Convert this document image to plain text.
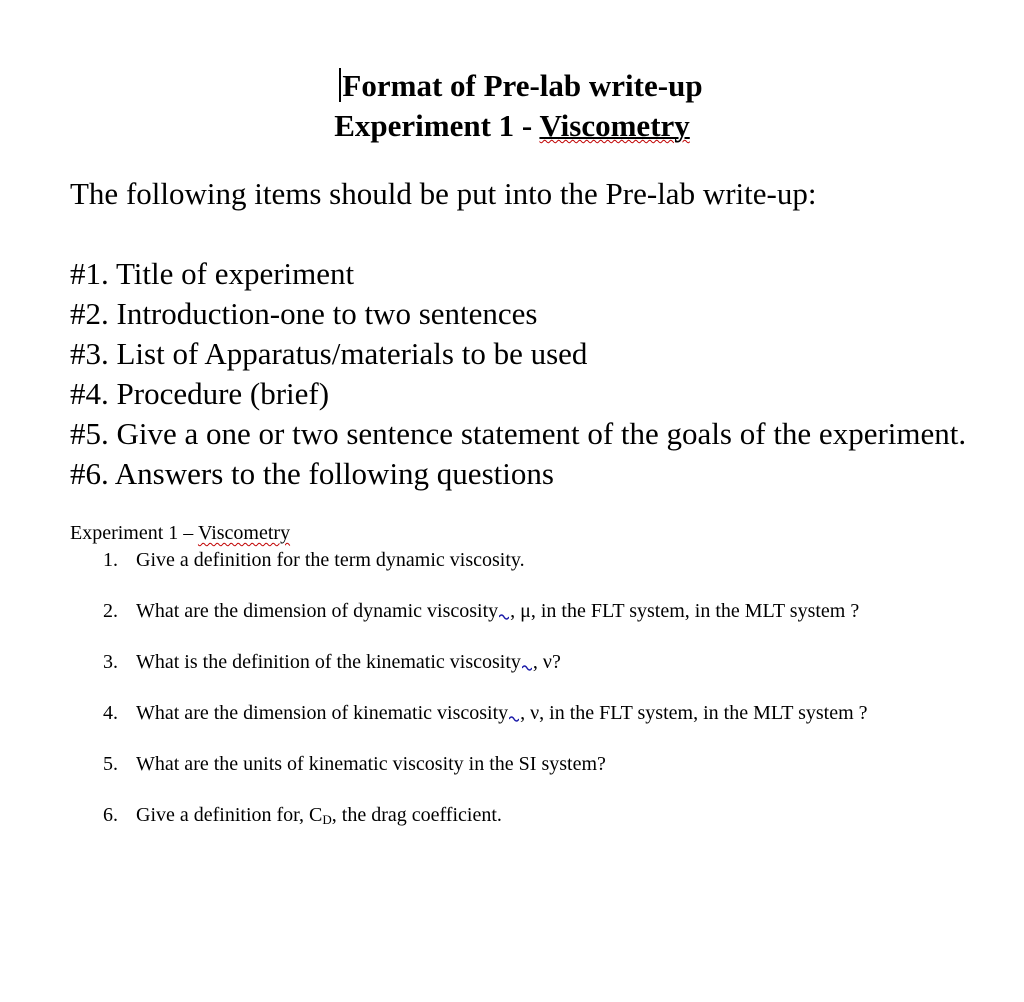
Format of Pre-lab write-up
Experiment 1 - Viscometry
The following items should be put into the Pre-lab write-up:
#1. Title of experiment
#2. Introduction-one to two sentences
#3. List of Apparatus/materials to be used
#4. Procedure (brief)
#5. Give a one or two sentence statement of the goals of the experiment.
#6. Answers to the following questions
Experiment 1 – Viscometry
1. Give a definition for the term dynamic viscosity.
2. What are the dimension of dynamic viscosity , μ, in the FLT system, in the MLT system ?
3. What is the definition of the kinematic viscosity , ν?
4. What are the dimension of kinematic viscosity , ν, in the FLT system, in the MLT system ?
5. What are the units of kinematic viscosity in the SI system?
6. Give a definition for, $C_D$, the drag coefficient.
